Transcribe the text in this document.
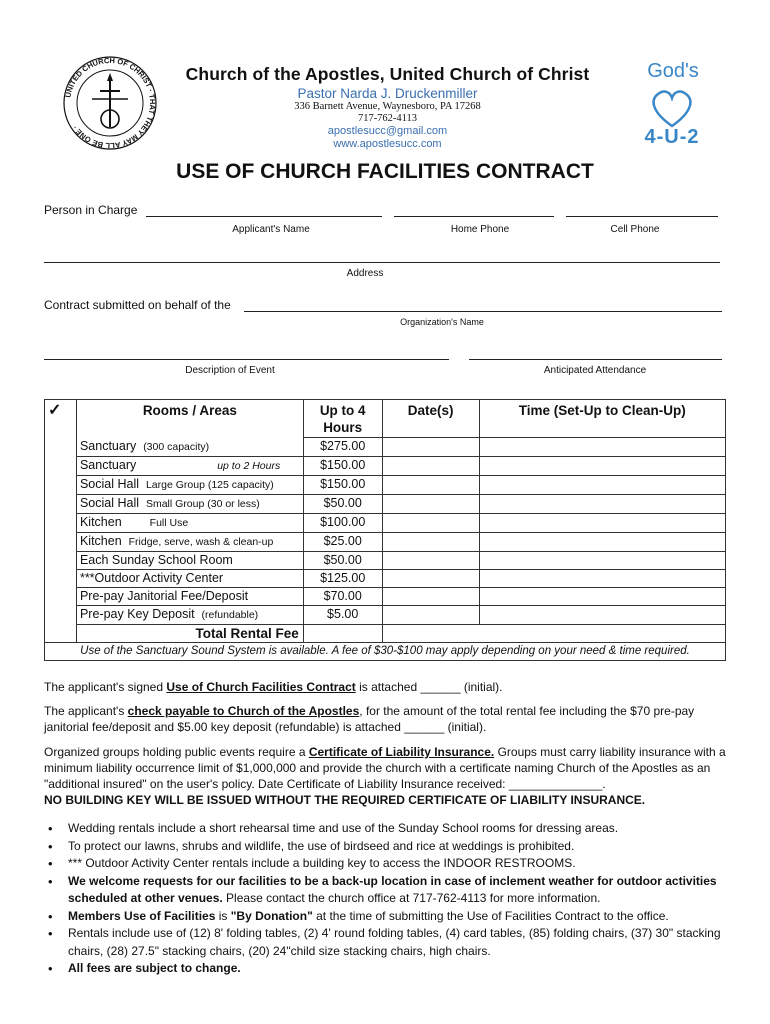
UNITED CHURCH OF CHRIST · THAT THEY MAY ALL BE ONE ·
Church of the Apostles, United Church of Christ
Pastor Narda J. Druckenmiller
336 Barnett Avenue, Waynesboro, PA 17268
717-762-4113
apostlesucc@gmail.com
www.apostlesucc.com
God's
4-U-2
USE OF CHURCH FACILITIES CONTRACT
Person in Charge
Applicant's Name	Home Phone	Cell Phone
Address
Contract submitted on behalf of the
Organization's Name
Description of Event	Anticipated Attendance
✓	Rooms / Areas	Up to 4 Hours	Date(s)	Time (Set-Up to Clean-Up)
	Sanctuary (300 capacity)	$275.00		
	Sanctuary up to 2 Hours	$150.00		
	Social Hall Large Group (125 capacity)	$150.00		
	Social Hall Small Group (30 or less)	$50.00		
	Kitchen Full Use	$100.00		
	Kitchen Fridge, serve, wash & clean-up	$25.00		
	Each Sunday School Room	$50.00		
	***Outdoor Activity Center	$125.00		
	Pre-pay Janitorial Fee/Deposit	$70.00		
	Pre-pay Key Deposit (refundable)	$5.00		
	Total Rental Fee			
Use of the Sanctuary Sound System is available. A fee of $30-$100 may apply depending on your need & time required.				
The applicant's signed Use of Church Facilities Contract is attached ______ (initial).
The applicant's check payable to Church of the Apostles, for the amount of the total rental fee including the $70 pre-pay janitorial fee/deposit and $5.00 key deposit (refundable) is attached ______ (initial).
Organized groups holding public events require a Certificate of Liability Insurance. Groups must carry liability insurance with a minimum liability occurrence limit of $1,000,000 and provide the church with a certificate naming Church of the Apostles as an "additional insured" on the user's policy. Date Certificate of Liability Insurance received: ______________.
NO BUILDING KEY WILL BE ISSUED WITHOUT THE REQUIRED CERTIFICATE OF LIABILITY INSURANCE.
• Wedding rentals include a short rehearsal time and use of the Sunday School rooms for dressing areas.
• To protect our lawns, shrubs and wildlife, the use of birdseed and rice at weddings is prohibited.
• *** Outdoor Activity Center rentals include a building key to access the INDOOR RESTROOMS.
• We welcome requests for our facilities to be a back-up location in case of inclement weather for outdoor activities scheduled at other venues. Please contact the church office at 717-762-4113 for more information.
• Members Use of Facilities is "By Donation" at the time of submitting the Use of Facilities Contract to the office.
• Rentals include use of (12) 8' folding tables, (2) 4' round folding tables, (4) card tables, (85) folding chairs, (37) 30" stacking chairs, (28) 27.5" stacking chairs, (20) 24"child size stacking chairs, high chairs.
• All fees are subject to change.
